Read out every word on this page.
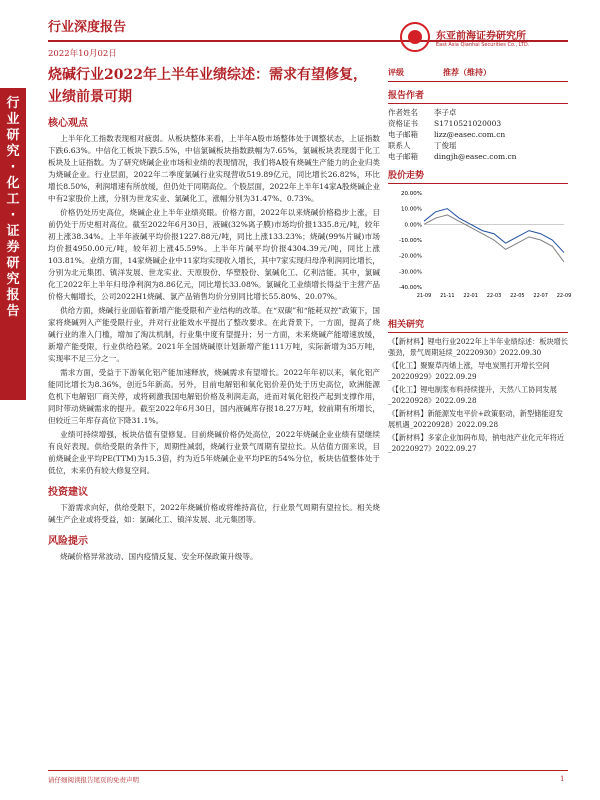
行业深度报告
2022年10月02日
东亚前海证券研究所
East Asia Qianhai Securities Co., LTD.
行
业
研
究
·
化
工
·
证
券
研
究
报
告
烧碱行业2022年上半年业绩综述：需求有望修复，业绩前景可期
核心观点

上半年化工指数表现相对疲弱。从板块整体来看，上半年A股市场整体处于调整状态，上证指数下跌6.63%。中信化工板块下跌5.5%，中信氯碱板块指数跌幅为7.65%，氯碱板块表现弱于化工板块及上证指数。为了研究烧碱企业市场和业绩的表现情况，我们将A股有烧碱生产能力的企业归类为烧碱企业。行业层面，2022年二季度氯碱行业实现营收519.89亿元，同比增长26.82%，环比增长8.50%，利润增速有所放缓，但仍处于同期高位。个股层面，2022年上半年14家A股烧碱企业中有2家股价上涨，分别为世龙实业、氯碱化工，涨幅分别为31.47%、0.73%。

价格仍处历史高位，烧碱企业上半年业绩亮眼。价格方面，2022年以来烧碱价格稳步上涨，目前仍处于历史相对高位。截至2022年6月30日，液碱(32%离子膜)市场均价报1335.8元/吨，较年初上涨38.34%。上半年液碱平均价报1227.88元/吨，同比上涨133.23%；烧碱(99%片碱)市场均价报4950.00元/吨，较年初上涨45.59%。上半年片碱平均价报4304.39元/吨，同比上涨103.81%。业绩方面，14家烧碱企业中11家均实现收入增长，其中7家实现归母净利润同比增长，分别为北元集团、镇洋发展、世龙实业、天原股份、华塑股份、氯碱化工、亿利洁能。其中，氯碱化工2022年上半年归母净利润为8.86亿元，同比增长33.08%。氯碱化工业绩增长得益于主营产品价格大幅增长，公司2022H1烧碱、氯产品销售均价分别同比增长55.80%、20.07%。

供给方面，烧碱行业面临着新增产能受限和产业结构的改革。在“双碳”和“能耗双控”政策下，国家将烧碱列入产能受限行业，并对行业能效水平提出了整改要求。在此背景下，一方面，提高了烧碱行业的准入门槛，增加了淘汰机制，行业集中度有望提升；另一方面，未来烧碱产能增速放缓，新增产能受限，行业供给趋紧。2021年全国烧碱原计划新增产能111万吨，实际新增为35万吨，实现率不足三分之一。

需求方面，受益于下游氧化铝产能加速释放，烧碱需求有望增长。2022年年初以来，氧化铝产能同比增长为8.36%，创近5年新高。另外，目前电解铝和氧化铝价差仍处于历史高位，欧洲能源危机下电解铝厂商关停，或将刺激我国电解铝价格及利润走高，进而对氧化铝投产起到支撑作用，同时带动烧碱需求的提升。截至2022年6月30日，国内液碱库存报18.27万吨，较前期有所增长，但较近三年库存高位下降31.1%。

业绩可持续增强，板块估值有望修复。目前烧碱价格仍处高位，2022年烧碱企业业绩有望继续有良好表现。供给受限的条件下，周期性减弱，烧碱行业景气周期有望拉长。从估值方面来说，目前烧碱企业平均PE(TTM)为15.3倍，约为近5年烧碱企业平均PE的54%分位，板块估值整体处于低位，未来仍有较大修复空间。

投资建议

下游需求向好，供给受限下，2022年烧碱价格或将维持高位，行业景气周期有望拉长。相关烧碱生产企业或将受益，如：氯碱化工、镇洋发展、北元集团等。

风险提示

烧碱价格异常波动、国内疫情反复、安全环保政策升级等。

评级	推荐（维持）
报告作者
作者姓名	李子卓
资格证书	S1710521020003
电子邮箱	lizz@easec.com.cn
联系人	丁俊瑶
电子邮箱	dingjh@easec.com.cn
股价走势
20.00%
10.00%
0.00%
-10.00%
-20.00%
-30.00%
-40.00%
21-09 21-11 22-01 22-03 22-05 22-07 22-09
相关研究
《【新材料】锂电行业2022年上半年业绩综述：板块增长强劲，景气周期延续_20220930》2022.09.30
《【化工】聚聚草丙烯上涨，导电炭黑打开增长空间_20220929》2022.09.29
《【化工】锂电制浆布料持续提升，天然八工协同发展_20220928》2022.09.28
《【新材料】新能源发电平价+政策驱动，新型储能迎发展机遇_20220928》2022.09.28
《【新材料】多家企业加码布局，钠电池产业化元年将近_20220927》2022.09.27
请仔细阅读报告尾页的免责声明	1
